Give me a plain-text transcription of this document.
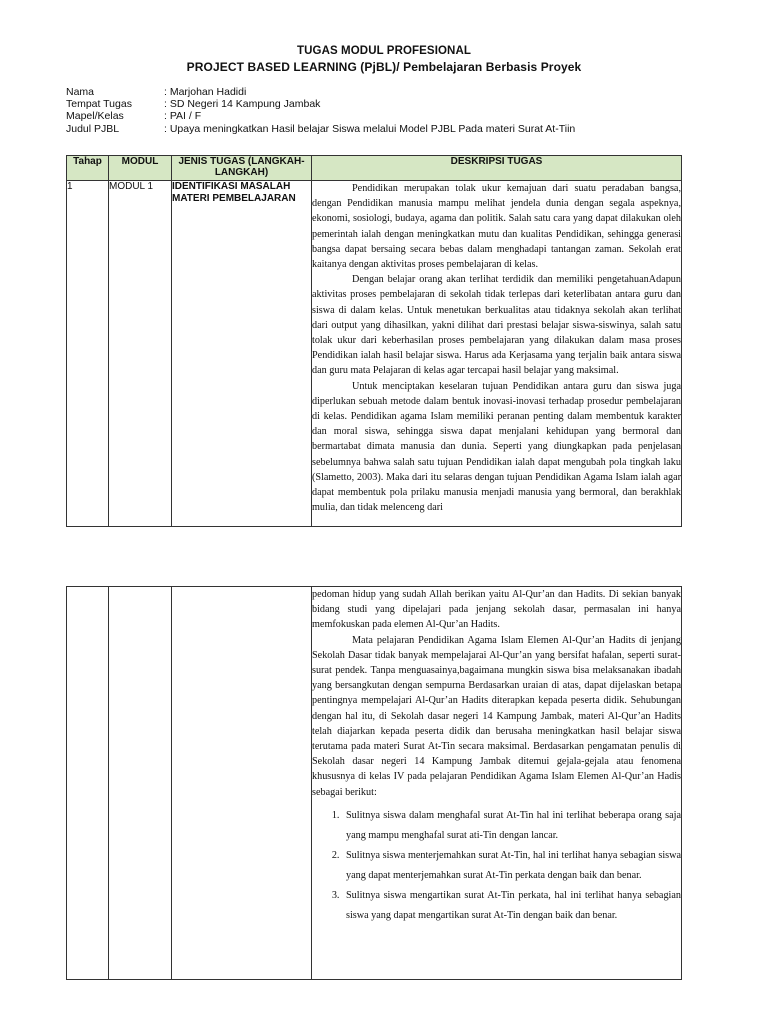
TUGAS MODUL PROFESIONAL
PROJECT BASED LEARNING (PjBL)/ Pembelajaran Berbasis Proyek
Nama	: Marjohan Hadidi
Tempat Tugas	: SD Negeri 14 Kampung Jambak
Mapel/Kelas	: PAI / F
Judul PJBL	: Upaya meningkatkan Hasil belajar Siswa melalui Model PJBL Pada materi Surat At-Tiin
Tahap	MODUL	JENIS TUGAS (LANGKAH-LANGKAH)	DESKRIPSI TUGAS
1	MODUL 1	IDENTIFIKASI MASALAH MATERI PEMBELAJARAN	Pendidikan merupakan tolak ukur kemajuan dari suatu peradaban bangsa, dengan Pendidikan manusia mampu melihat jendela dunia dengan segala aspeknya, ekonomi, sosiologi, budaya, agama dan politik. Salah satu cara yang dapat dilakukan oleh pemerintah ialah dengan meningkatkan mutu dan kualitas Pendidikan, sehingga generasi bangsa dapat bersaing secara bebas dalam menghadapi tantangan zaman. Sekolah erat kaitanya dengan aktivitas proses pembelajaran di kelas.

Dengan belajar orang akan terlihat terdidik dan memiliki pengetahuanAdapun aktivitas proses pembelajaran di sekolah tidak terlepas dari keterlibatan antara guru dan siswa di dalam kelas. Untuk menetukan berkualitas atau tidaknya sekolah akan terlihat dari output yang dihasilkan, yakni dilihat dari prestasi belajar siswa-siswinya, salah satu tolak ukur dari keberhasilan proses pembelajaran yang dilakukan dalam masa proses Pendidikan ialah hasil belajar siswa. Harus ada Kerjasama yang terjalin baik antara siswa dan guru mata Pelajaran di kelas agar tercapai hasil belajar yang maksimal.

Untuk menciptakan keselaran tujuan Pendidikan antara guru dan siswa juga diperlukan sebuah metode dalam bentuk inovasi-inovasi terhadap prosedur pembelajaran di kelas. Pendidikan agama Islam memiliki peranan penting dalam membentuk karakter dan moral siswa, sehingga siswa dapat menjalani kehidupan yang bermoral dan bermartabat dimata manusia dan dunia. Seperti yang diungkapkan pada penjelasan sebelumnya bahwa salah satu tujuan Pendidikan ialah dapat mengubah pola tingkah laku (Slametto, 2003). Maka dari itu selaras dengan tujuan Pendidikan Agama Islam ialah agar dapat membentuk pola prilaku manusia menjadi manusia yang bermoral, dan berakhlak mulia, dan tidak melenceng dari

pedoman hidup yang sudah Allah berikan yaitu Al-Qur’an dan Hadits. Di sekian banyak bidang studi yang dipelajari pada jenjang sekolah dasar, permasalan ini hanya memfokuskan pada elemen Al-Qur’an Hadits.

Mata pelajaran Pendidikan Agama Islam Elemen Al-Qur’an Hadits di jenjang Sekolah Dasar tidak banyak mempelajarai Al-Qur’an yang bersifat hafalan, seperti surat-surat pendek. Tanpa menguasainya,bagaimana mungkin siswa bisa melaksanakan ibadah yang bersangkutan dengan sempurna Berdasarkan uraian di atas, dapat dijelaskan betapa pentingnya mempelajari Al-Qur’an Hadits diterapkan kepada peserta didik. Sehubungan dengan hal itu, di Sekolah dasar negeri 14 Kampung Jambak, materi Al-Qur’an Hadits telah diajarkan kepada peserta didik dan berusaha meningkatkan hasil belajar siswa terutama pada materi Surat At-Tin secara maksimal. Berdasarkan pengamatan penulis di Sekolah dasar negeri 14 Kampung Jambak ditemui gejala-gejala atau fenomena khususnya di kelas IV pada pelajaran Pendidikan Agama Islam Elemen Al-Qur’an Hadis sebagai berikut:

1. Sulitnya siswa dalam menghafal surat At-Tin hal ini terlihat beberapa orang saja yang mampu menghafal surat ati-Tin dengan lancar.
2. Sulitnya siswa menterjemahkan surat At-Tin, hal ini terlihat hanya sebagian siswa yang dapat menterjemahkan surat At-Tin perkata dengan baik dan benar.
3. Sulitnya siswa mengartikan surat At-Tin perkata, hal ini terlihat hanya sebagian siswa yang dapat mengartikan surat At-Tin dengan baik dan benar.
